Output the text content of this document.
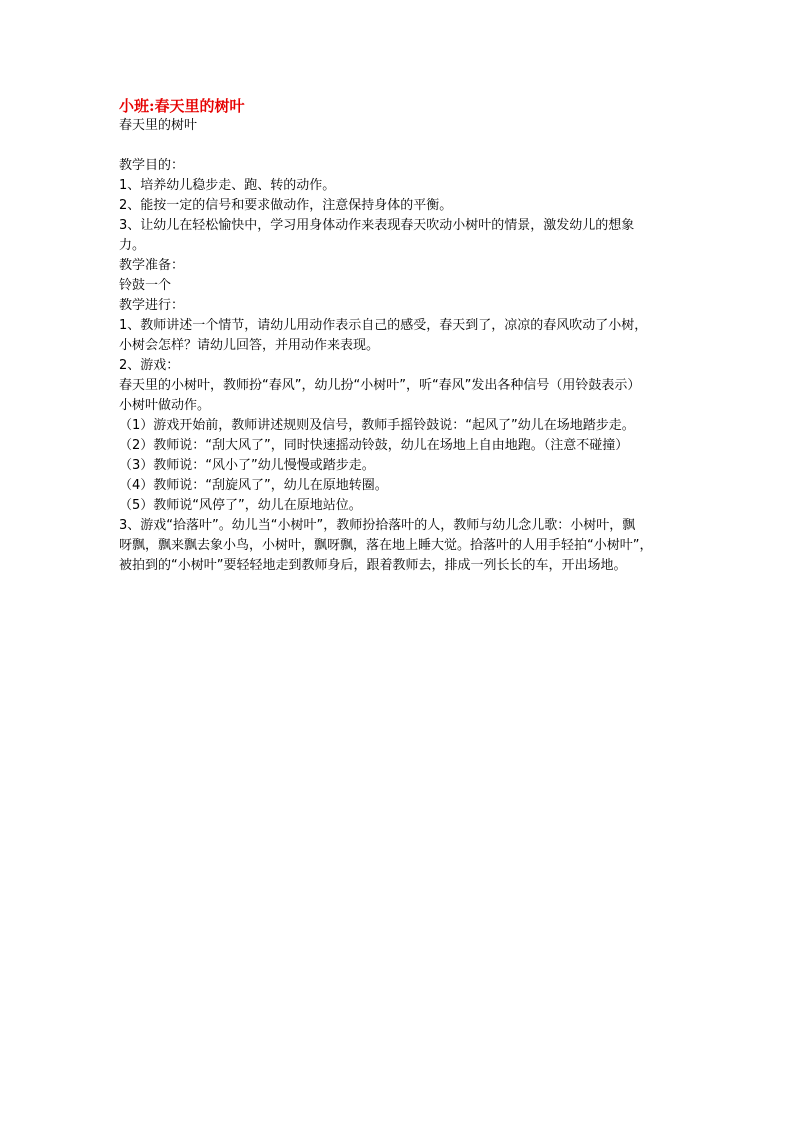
小班:春天里的树叶

春天里的树叶

教学目的：

1、培养幼儿稳步走、跑、转的动作。

2、能按一定的信号和要求做动作，注意保持身体的平衡。

3、让幼儿在轻松愉快中，学习用身体动作来表现春天吹动小树叶的情景，激发幼儿的想象

力。

教学准备：

铃鼓一个

教学进行：

1、教师讲述一个情节，请幼儿用动作表示自己的感受，春天到了，凉凉的春风吹动了小树，

小树会怎样？请幼儿回答，并用动作来表现。

2、游戏：

春天里的小树叶，教师扮“春风”，幼儿扮“小树叶”，听“春风”发出各种信号（用铃鼓表示）

小树叶做动作。

（1）游戏开始前，教师讲述规则及信号，教师手摇铃鼓说：“起风了”幼儿在场地踏步走。

（2）教师说：“刮大风了”，同时快速摇动铃鼓，幼儿在场地上自由地跑。（注意不碰撞）

（3）教师说：“风小了”幼儿慢慢或踏步走。

（4）教师说：“刮旋风了”，幼儿在原地转圈。

（5）教师说“风停了”，幼儿在原地站位。

3、游戏“拾落叶”。幼儿当“小树叶”，教师扮拾落叶的人，教师与幼儿念儿歌：小树叶，飘

呀飘，飘来飘去象小鸟，小树叶，飘呀飘，落在地上睡大觉。拾落叶的人用手轻拍“小树叶”，

被拍到的“小树叶”要轻轻地走到教师身后，跟着教师去，排成一列长长的车，开出场地。
